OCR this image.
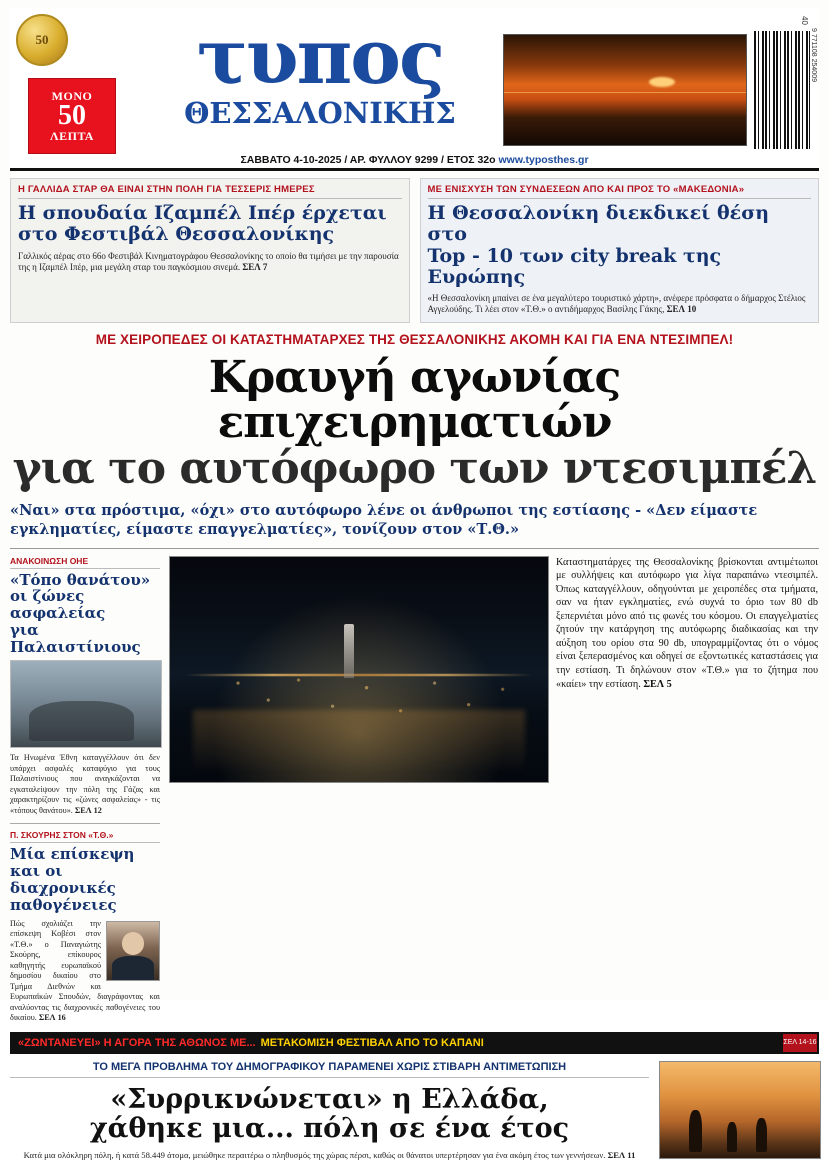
50
ΜΟΝΟ
50
ΛΕΠΤΑ
τυπος
ΘΕΣΣΑΛΟΝΙΚΗΣ
9 771108 254009
40
ΣΑΒΒΑΤΟ 4-10-2025 / ΑΡ. ΦΥΛΛΟΥ 9299 / ΕΤΟΣ 32ο www.typosthes.gr
Η ΓΑΛΛΙΔΑ ΣΤΑΡ ΘΑ ΕΙΝΑΙ ΣΤΗΝ ΠΟΛΗ ΓΙΑ ΤΕΣΣΕΡΙΣ ΗΜΕΡΕΣ
Η σπουδαία Ιζαμπέλ Ιπέρ έρχεται
στο Φεστιβάλ Θεσσαλονίκης
Γαλλικός αέρας στο 66ο Φεστιβάλ Κινηματογράφου Θεσσαλονίκης το οποίο θα τιμήσει με την παρουσία της η Ιζαμπέλ Ιπέρ, μια μεγάλη σταρ του παγκόσμιου σινεμά. ΣΕΛ 7
ΜΕ ΕΝΙΣΧΥΣΗ ΤΩΝ ΣΥΝΔΕΣΕΩΝ ΑΠΟ ΚΑΙ ΠΡΟΣ ΤΟ «ΜΑΚΕΔΟΝΙΑ»
Η Θεσσαλονίκη διεκδικεί θέση στο
Top - 10 των city break της Ευρώπης
«Η Θεσσαλονίκη μπαίνει σε ένα μεγαλύτερο τουριστικό χάρτη», ανέφερε πρόσφατα ο δήμαρχος Στέλιος Αγγελούδης. Τι λέει στον «Τ.Θ.» ο αντιδήμαρχος Βασίλης Γάκης, ΣΕΛ 10
ΜΕ ΧΕΙΡΟΠΕΔΕΣ ΟΙ ΚΑΤΑΣΤΗΜΑΤΑΡΧΕΣ ΤΗΣ ΘΕΣΣΑΛΟΝΙΚΗΣ ΑΚΟΜΗ ΚΑΙ ΓΙΑ ΕΝΑ ΝΤΕΣΙΜΠΕΛ!
Κραυγή αγωνίας επιχειρηματιών
για το αυτόφωρο των ντεσιμπέλ
«Ναι» στα πρόστιμα, «όχι» στο αυτόφωρο λένε οι άνθρωποι της εστίασης - «Δεν είμαστε εγκληματίες, είμαστε επαγγελματίες», τονίζουν στον «Τ.Θ.»
ΑΝΑΚΟΙΝΩΣΗ ΟΗΕ
«Τόπο θανάτου»
οι ζώνες ασφαλείας
για Παλαιστίνιους
Τα Ηνωμένα Έθνη καταγγέλλουν ότι δεν υπάρχει ασφαλές καταφύγιο για τους Παλαιστίνιους που αναγκάζονται να εγκαταλείψουν την πόλη της Γάζας και χαρακτηρίζουν τις «ζώνες ασφαλείας» - τις «τόπους θανάτου». ΣΕΛ 12
Π. ΣΚΟΥΡΗΣ ΣΤΟΝ «Τ.Θ.»
Μία επίσκεψη
και οι διαχρονικές
παθογένειες
Πώς σχολιάζει την επίσκεψη Κοβέσι στον «Τ.Θ.» ο Παναγιώτης Σκούρης, επίκουρος καθηγητής ευρωπαϊκού δημοσίου δικαίου στο Τμήμα Διεθνών και Ευρωπαϊκών Σπουδών, διαγράφοντας και αναλύοντας τις διαχρονικές παθογένειες του δικαίου. ΣΕΛ 16
Καταστηματάρχες της Θεσσαλονίκης βρίσκονται αντιμέτωποι με συλλήψεις και αυτόφωρο για λίγα παραπάνω ντεσιμπέλ. Όπως καταγγέλλουν, οδηγούνται με χειροπέδες στα τμήματα, σαν να ήταν εγκληματίες, ενώ συχνά το όριο των 80 db ξεπερνιέται μόνο από τις φωνές του κόσμου. Οι επαγγελματίες ζητούν την κατάργηση της αυτόφωρης διαδικασίας και την αύξηση του ορίου στα 90 db, υπογραμμίζοντας ότι ο νόμος είναι ξεπερασμένος και οδηγεί σε εξοντωτικές καταστάσεις για την εστίαση. Τι δηλώνουν στον «Τ.Θ.» για το ζήτημα που «καίει» την εστίαση. ΣΕΛ 5
«ΖΩΝΤΑΝΕΥΕΙ» Η ΑΓΟΡΑ ΤΗΣ ΑΘΩΝΟΣ ΜΕ... ΜΕΤΑΚΟΜΙΣΗ ΦΕΣΤΙΒΑΛ ΑΠΟ ΤΟ ΚΑΠΑΝΙ	ΣΕΛ 14-16
ΤΟ ΜΕΓΑ ΠΡΟΒΛΗΜΑ ΤΟΥ ΔΗΜΟΓΡΑΦΙΚΟΥ ΠΑΡΑΜΕΝΕΙ ΧΩΡΙΣ ΣΤΙΒΑΡΗ ΑΝΤΙΜΕΤΩΠΙΣΗ
«Συρρικνώνεται» η Ελλάδα,
χάθηκε μια... πόλη σε ένα έτος
Κατά μια ολόκληρη πόλη, ή κατά 58.449 άτομα, μειώθηκε περαιτέρω ο πληθυσμός της χώρας πέρσι, καθώς οι θάνατοι υπερτέρησαν για ένα ακόμη έτος των γεννήσεων. ΣΕΛ 11
